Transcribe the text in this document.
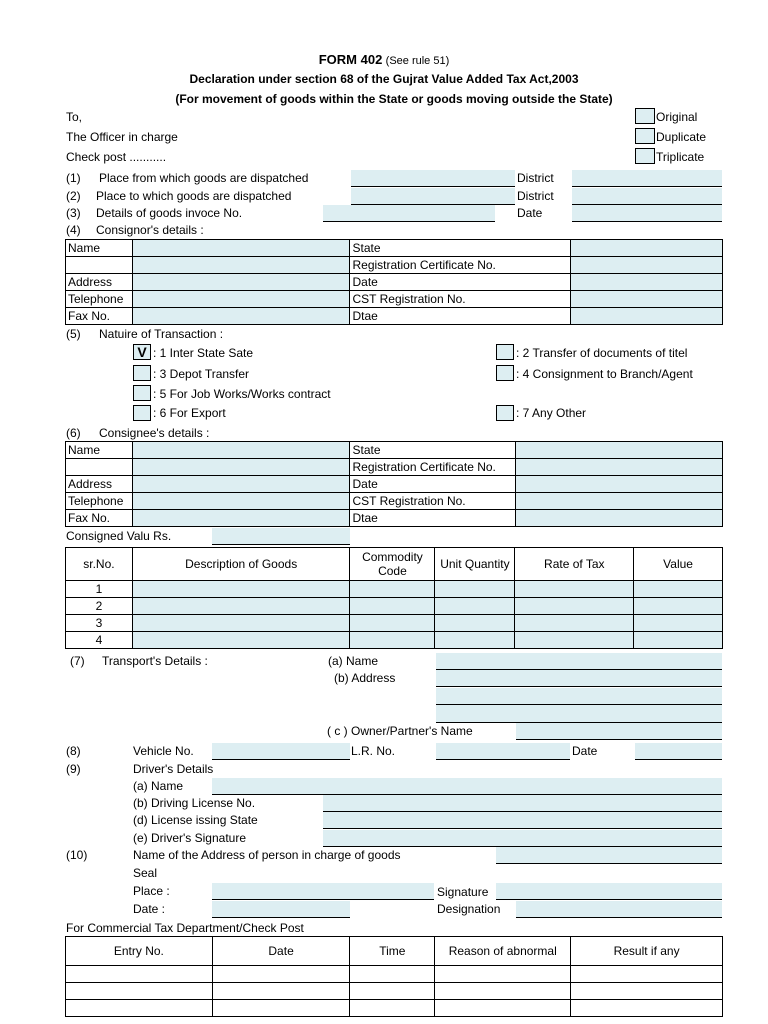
FORM 402 (See rule 51)
Declaration under section 68 of the Gujrat Value Added Tax Act,2003
(For movement of goods within the State or goods moving outside the State)
To,
The Officer in charge
Check post ...........
Original
Duplicate
Triplicate
(1) Place from which goods are dispatched	District
(2) Place to which goods are dispatched	District
(3) Details of goods invoce No.	Date
(4) Consignor's details :
Name		State	
		Registration Certificate No.	
Address		Date	
Telephone		CST Registration No.	
Fax No.		Dtae	
(5) Natuire of Transaction :
V : 1 Inter State Sate	: 2 Transfer of documents of titel
: 3 Depot Transfer	: 4 Consignment to Branch/Agent
: 5 For Job Works/Works contract
: 6 For Export	: 7 Any Other
(6) Consignee's details :
Name		State	
		Registration Certificate No.	
Address		Date	
Telephone		CST Registration No.	
Fax No.		Dtae	
Consigned Valu Rs.
sr.No.	Description of Goods	Commodity Code	Unit Quantity	Rate of Tax	Value
1					
2					
3					
4					
(7) Transport's Details :	(a) Name
(b) Address
( c ) Owner/Partner's Name
(8)	Vehicle No.	L.R. No.	Date
(9)	Driver's Details
(a) Name
(b) Driving License No.
(d) License issing State
(e) Driver's Signature
(10)	Name of the Address of person in charge of goods
Seal
Place :	Signature
Date :	Designation
For Commercial Tax Department/Check Post
Entry No.	Date	Time	Reason of abnormal	Result if any
